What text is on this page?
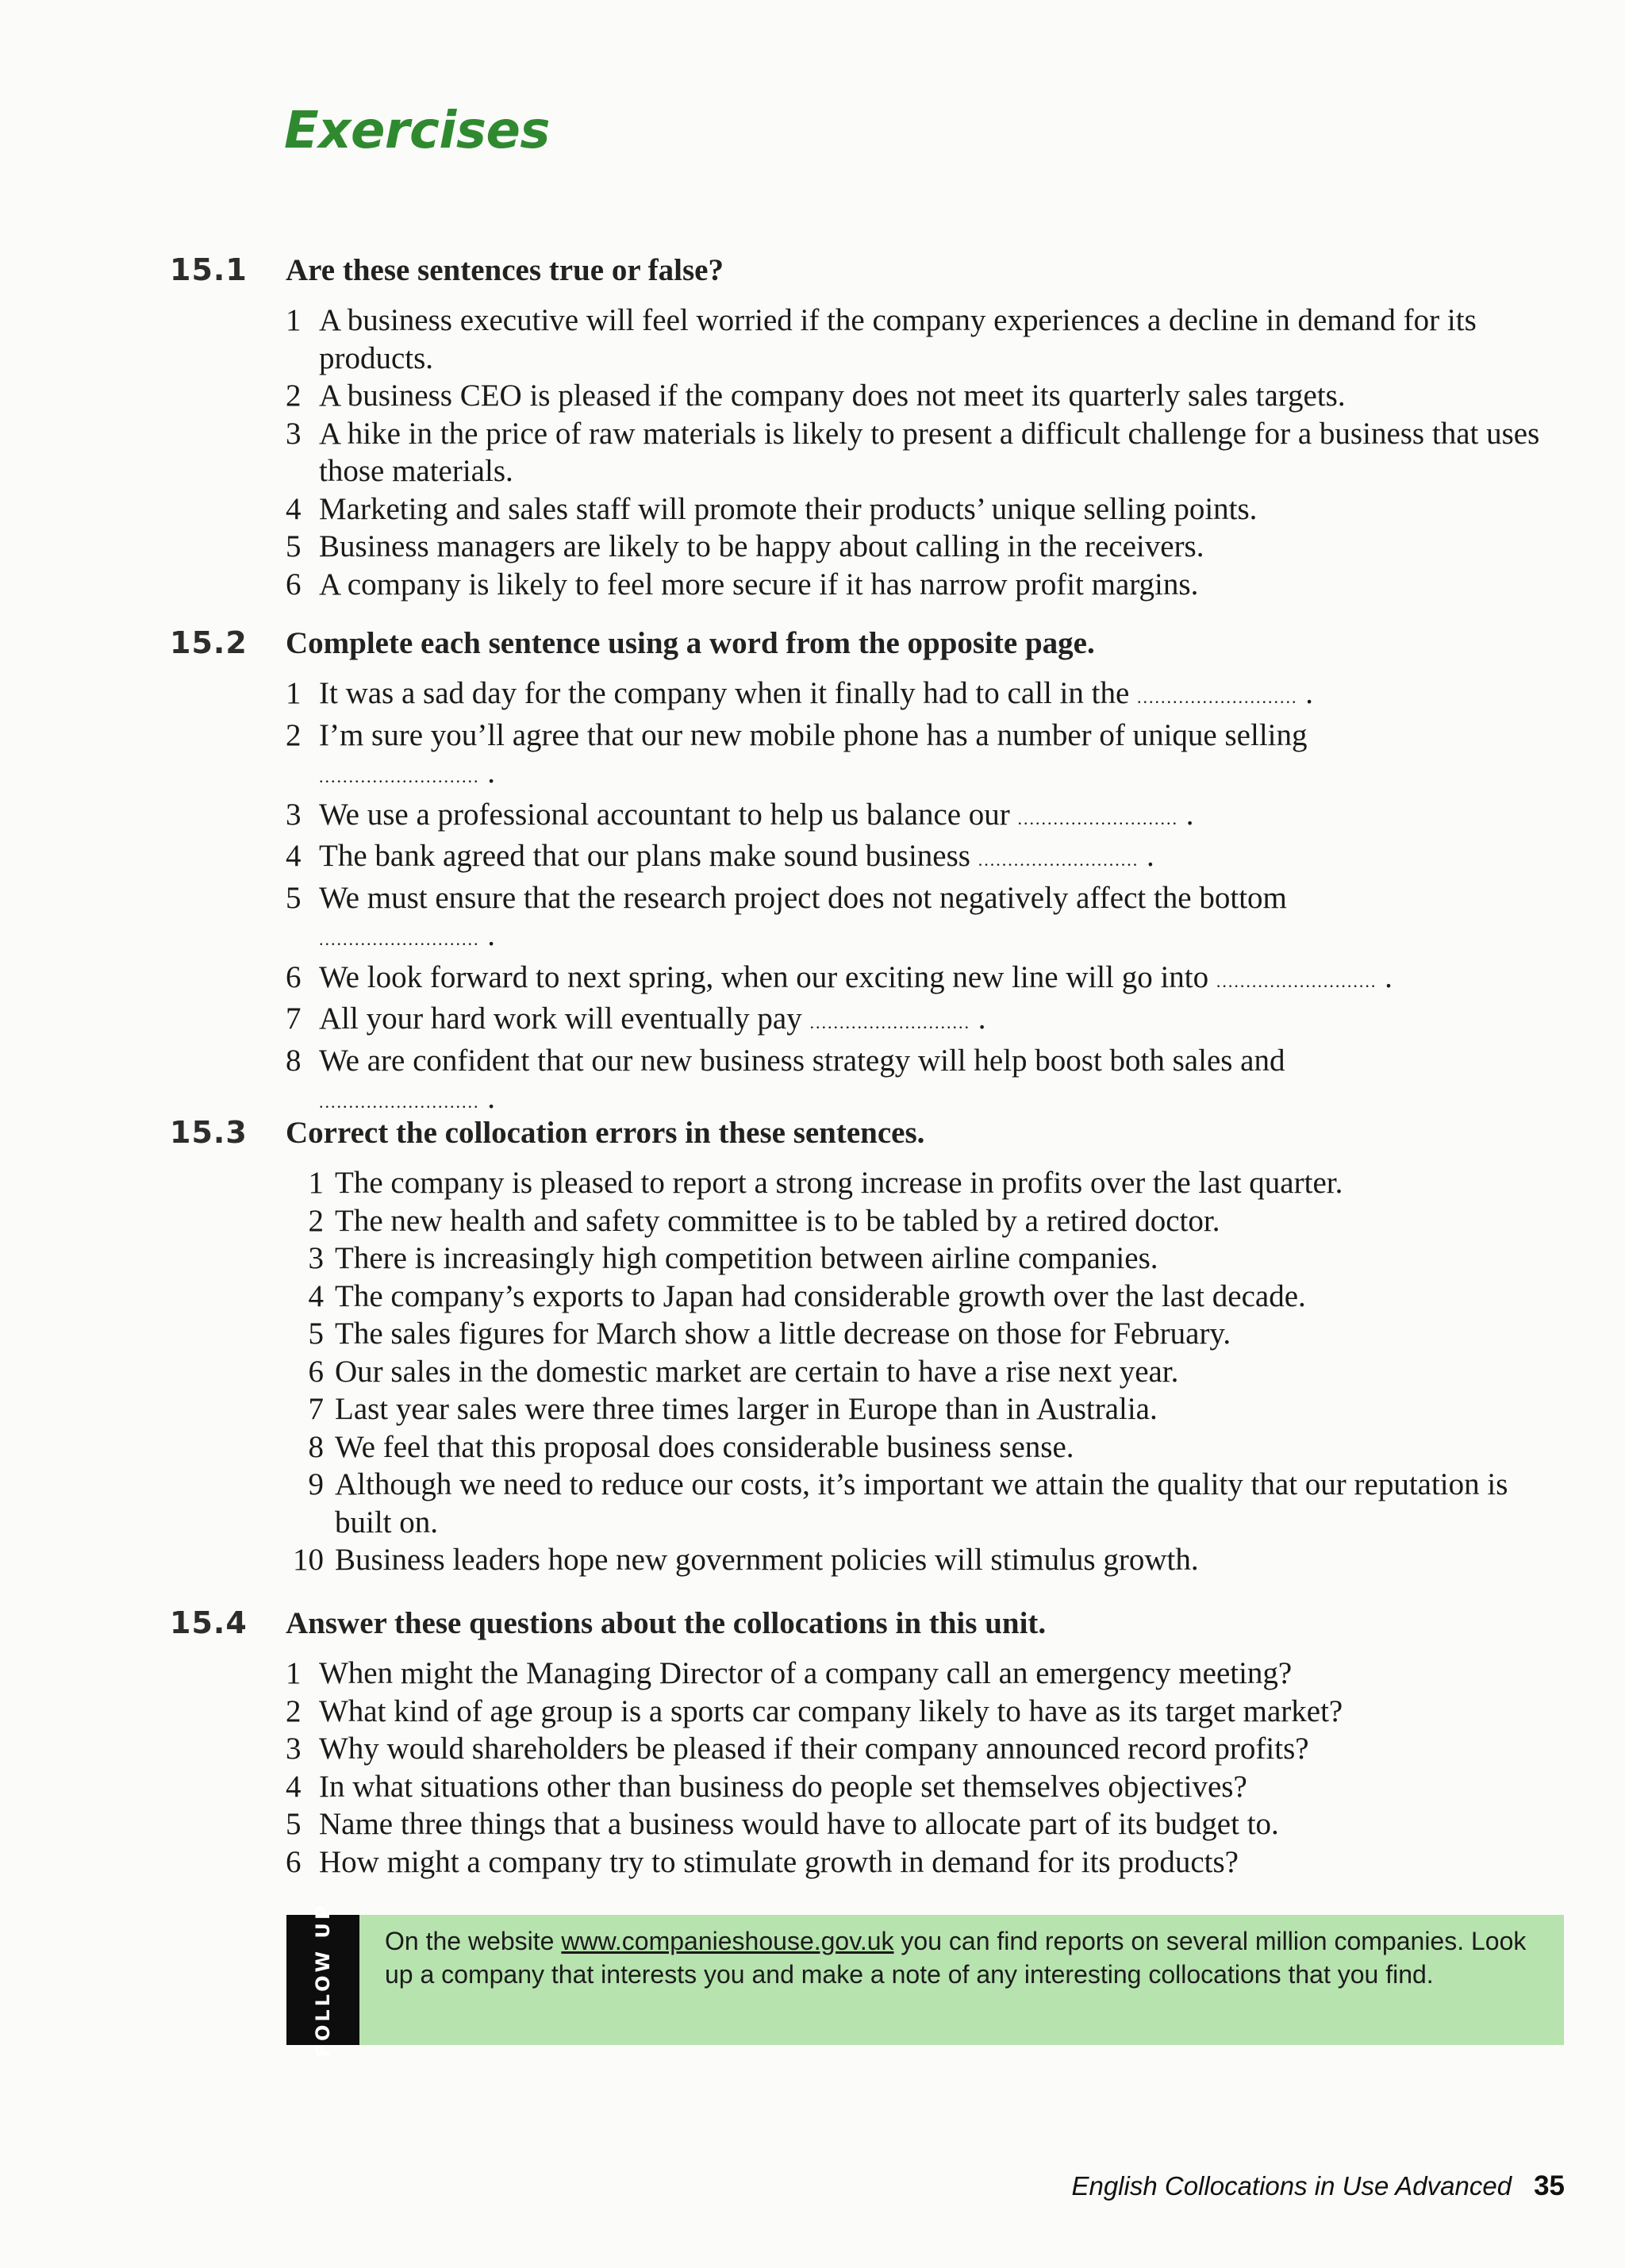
Exercises
15.1 Are these sentences true or false?
1 A business executive will feel worried if the company experiences a decline in demand for its products.
2 A business CEO is pleased if the company does not meet its quarterly sales targets.
3 A hike in the price of raw materials is likely to present a difficult challenge for a business that uses those materials.
4 Marketing and sales staff will promote their products’ unique selling points.
5 Business managers are likely to be happy about calling in the receivers.
6 A company is likely to feel more secure if it has narrow profit margins.
15.2 Complete each sentence using a word from the opposite page.
1 It was a sad day for the company when it finally had to call in the ........................... .
2 I’m sure you’ll agree that our new mobile phone has a number of unique selling
........................... .
3 We use a professional accountant to help us balance our ........................... .
4 The bank agreed that our plans make sound business ........................... .
5 We must ensure that the research project does not negatively affect the bottom
........................... .
6 We look forward to next spring, when our exciting new line will go into ........................... .
7 All your hard work will eventually pay ........................... .
8 We are confident that our new business strategy will help boost both sales and
........................... .
15.3 Correct the collocation errors in these sentences.
1 The company is pleased to report a strong increase in profits over the last quarter.
2 The new health and safety committee is to be tabled by a retired doctor.
3 There is increasingly high competition between airline companies.
4 The company’s exports to Japan had considerable growth over the last decade.
5 The sales figures for March show a little decrease on those for February.
6 Our sales in the domestic market are certain to have a rise next year.
7 Last year sales were three times larger in Europe than in Australia.
8 We feel that this proposal does considerable business sense.
9 Although we need to reduce our costs, it’s important we attain the quality that our reputation is built on.
10 Business leaders hope new government policies will stimulus growth.
15.4 Answer these questions about the collocations in this unit.
1 When might the Managing Director of a company call an emergency meeting?
2 What kind of age group is a sports car company likely to have as its target market?
3 Why would shareholders be pleased if their company announced record profits?
4 In what situations other than business do people set themselves objectives?
5 Name three things that a business would have to allocate part of its budget to.
6 How might a company try to stimulate growth in demand for its products?
FOLLOW UP On the website www.companieshouse.gov.uk you can find reports on several million companies. Look up a company that interests you and make a note of any interesting collocations that you find.
English Collocations in Use Advanced 35
